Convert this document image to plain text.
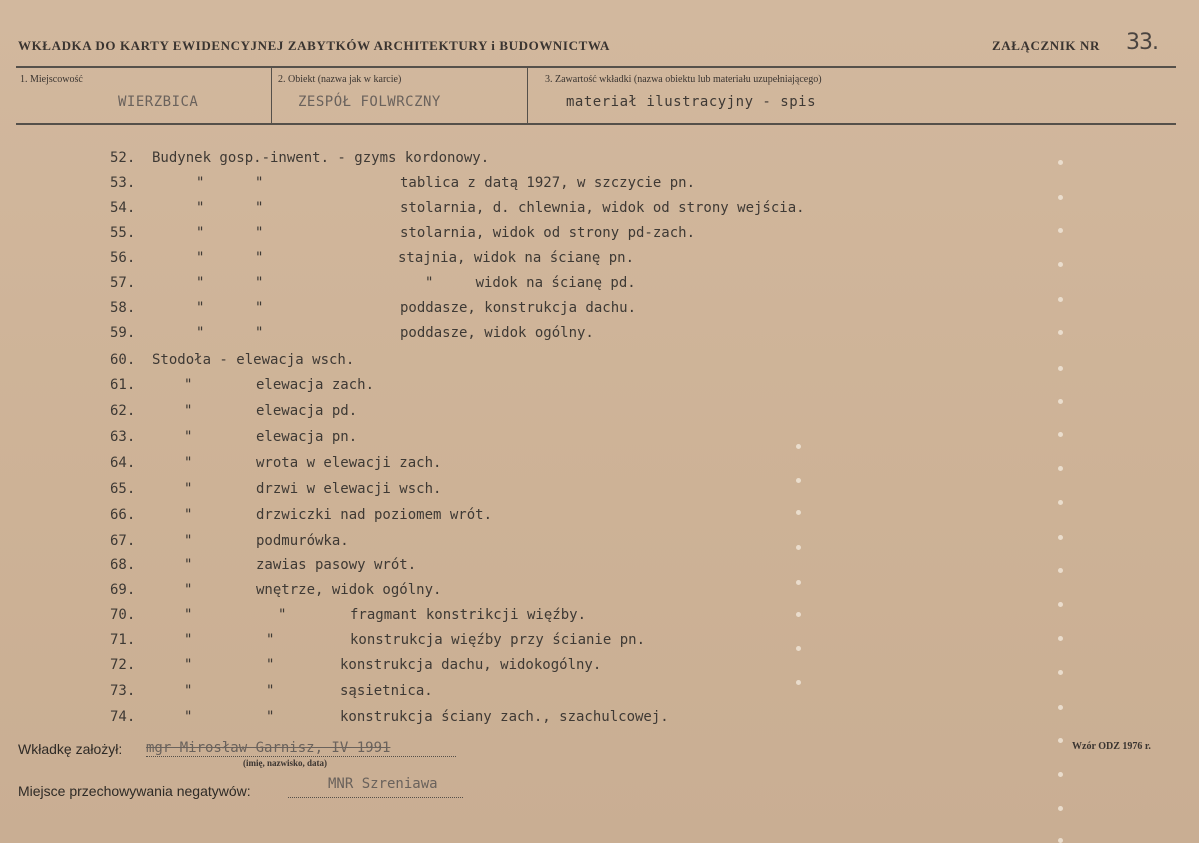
WKŁADKA DO KARTY EWIDENCYJNEJ ZABYTKÓW ARCHITEKTURY i BUDOWNICTWA	ZAŁĄCZNIK NR 33.
1. Miejscowość
WIERZBICA
2. Obiekt (nazwa jak w karcie)
ZESPÓŁ FOLWRCZNY
3. Zawartość wkładki (nazwa obiektu lub materiału uzupełniającego)
materiał ilustracyjny - spis
52. Budynek gosp.-inwent. - gzyms kordonowy.
53.	"      "	tablica z datą 1927, w szczycie pn.
54.	"      "	stolarnia, d. chlewnia, widok od strony wejścia.
55.	"      "	stolarnia, widok od strony pd-zach.
56.	"      "	stajnia, widok na ścianę pn.
57.	"      "	"     widok na ścianę pd.
58.	"      "	poddasze, konstrukcja dachu.
59.	"      "	poddasze, widok ogólny.
60. Stodoła - elewacja wsch.
61.	"	elewacja zach.
62.	"	elewacja pd.
63.	"	elewacja pn.
64.	"	wrota w elewacji zach.
65.	"	drzwi w elewacji wsch.
66.	"	drzwiczki nad poziomem wrót.
67.	"	podmurówka.
68.	"	zawias pasowy wrót.
69.	"	wnętrze, widok ogólny.
70.	"	"	fragmant konstrikcji więźby.
71.	"	"	konstrukcja więźby przy ścianie pn.
72.	"	"	konstrukcja dachu, widokogólny.
73.	"	"	sąsietnica.
74.	"	"	konstrukcja ściany zach., szachulcowej.
Wkładkę założył: mgr Mirosław Garnisz, IV 1991
(imię, nazwisko, data)
Miejsce przechowywania negatywów:	MNR Szreniawa
Wzór ODZ 1976 r.
